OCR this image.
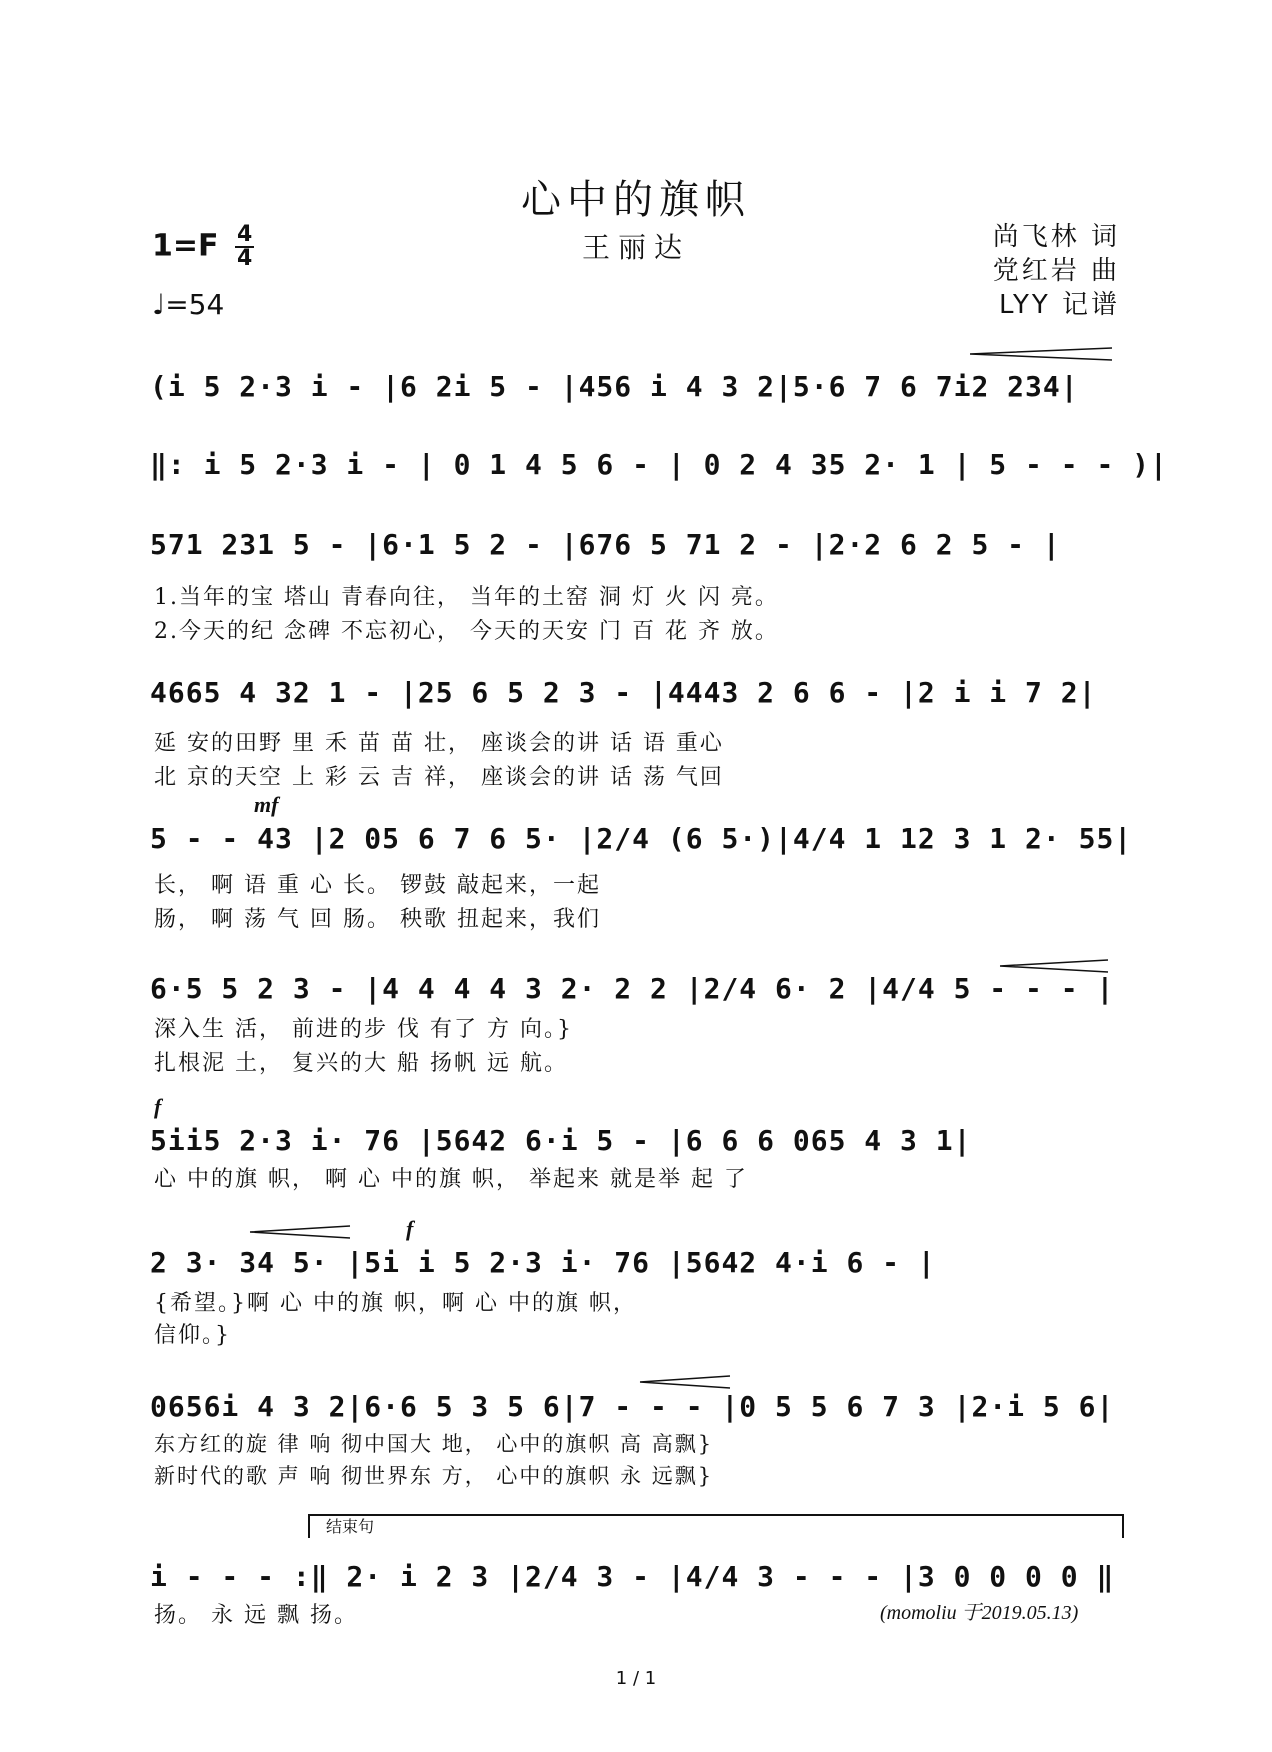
心中的旗帜
王丽达
$1=F \frac{4}{4}$
♩=54
尚飞林 词
党红岩 曲
LYY 记谱
(i 5 2·3 i - |6 2i 5 - |456 i 4 3 2|5·6 7 6 7i2 234|
‖: i 5 2·3 i - | 0 1 4 5 6 - | 0 2 4 35 2· 1 | 5 - - - )|
571 231 5 - |6·1 5 2 - |676 5 71 2 - |2·2 6 2 5 - |
1.当年的宝 塔山 青春向往， 当年的土窑 洞 灯 火 闪 亮。
2.今天的纪 念碑 不忘初心， 今天的天安 门 百 花 齐 放。
4665 4 32 1 - |25 6 5 2 3 - |4443 2 6 6 - |2 i i 7 2|
延 安的田野 里 禾 苗 苗 壮， 座谈会的讲 话 语 重心
北 京的天空 上 彩 云 吉 祥， 座谈会的讲 话 荡 气回
mf
5 - - 43 |2 05 6 7 6 5· |2/4 (6 5·)|4/4 1 12 3 1 2· 55|
长， 啊 语 重 心 长。 锣鼓 敲起来，一起
肠， 啊 荡 气 回 肠。 秧歌 扭起来，我们
6·5 5 2 3 - |4 4 4 4 3 2· 2 2 |2/4 6· 2 |4/4 5 - - - |
深入生 活， 前进的步 伐 有了 方 向。}
扎根泥 土， 复兴的大 船 扬帆 远 航。
f
5ii5 2·3 i· 76 |5642 6·i 5 - |6 6 6 065 4 3 1|
心 中的旗 帜， 啊 心 中的旗 帜， 举起来 就是举 起 了
f
2 3· 34 5· |5i i 5 2·3 i· 76 |5642 4·i 6 - |
{希望。}啊 心 中的旗 帜，啊 心 中的旗 帜，
信仰。}
0656i 4 3 2|6·6 5 3 5 6|7 - - - |0 5 5 6 7 3 |2·i 5 6|
东方红的旋 律 响 彻中国大 地， 心中的旗帜 高 高飘}
新时代的歌 声 响 彻世界东 方， 心中的旗帜 永 远飘}
结束句
i - - - :‖ 2· i 2 3 |2/4 3 - |4/4 3 - - - |3 0 0 0 0 ‖
扬。 永 远 飘 扬。	(momoliu 于2019.05.13)
1 / 1
